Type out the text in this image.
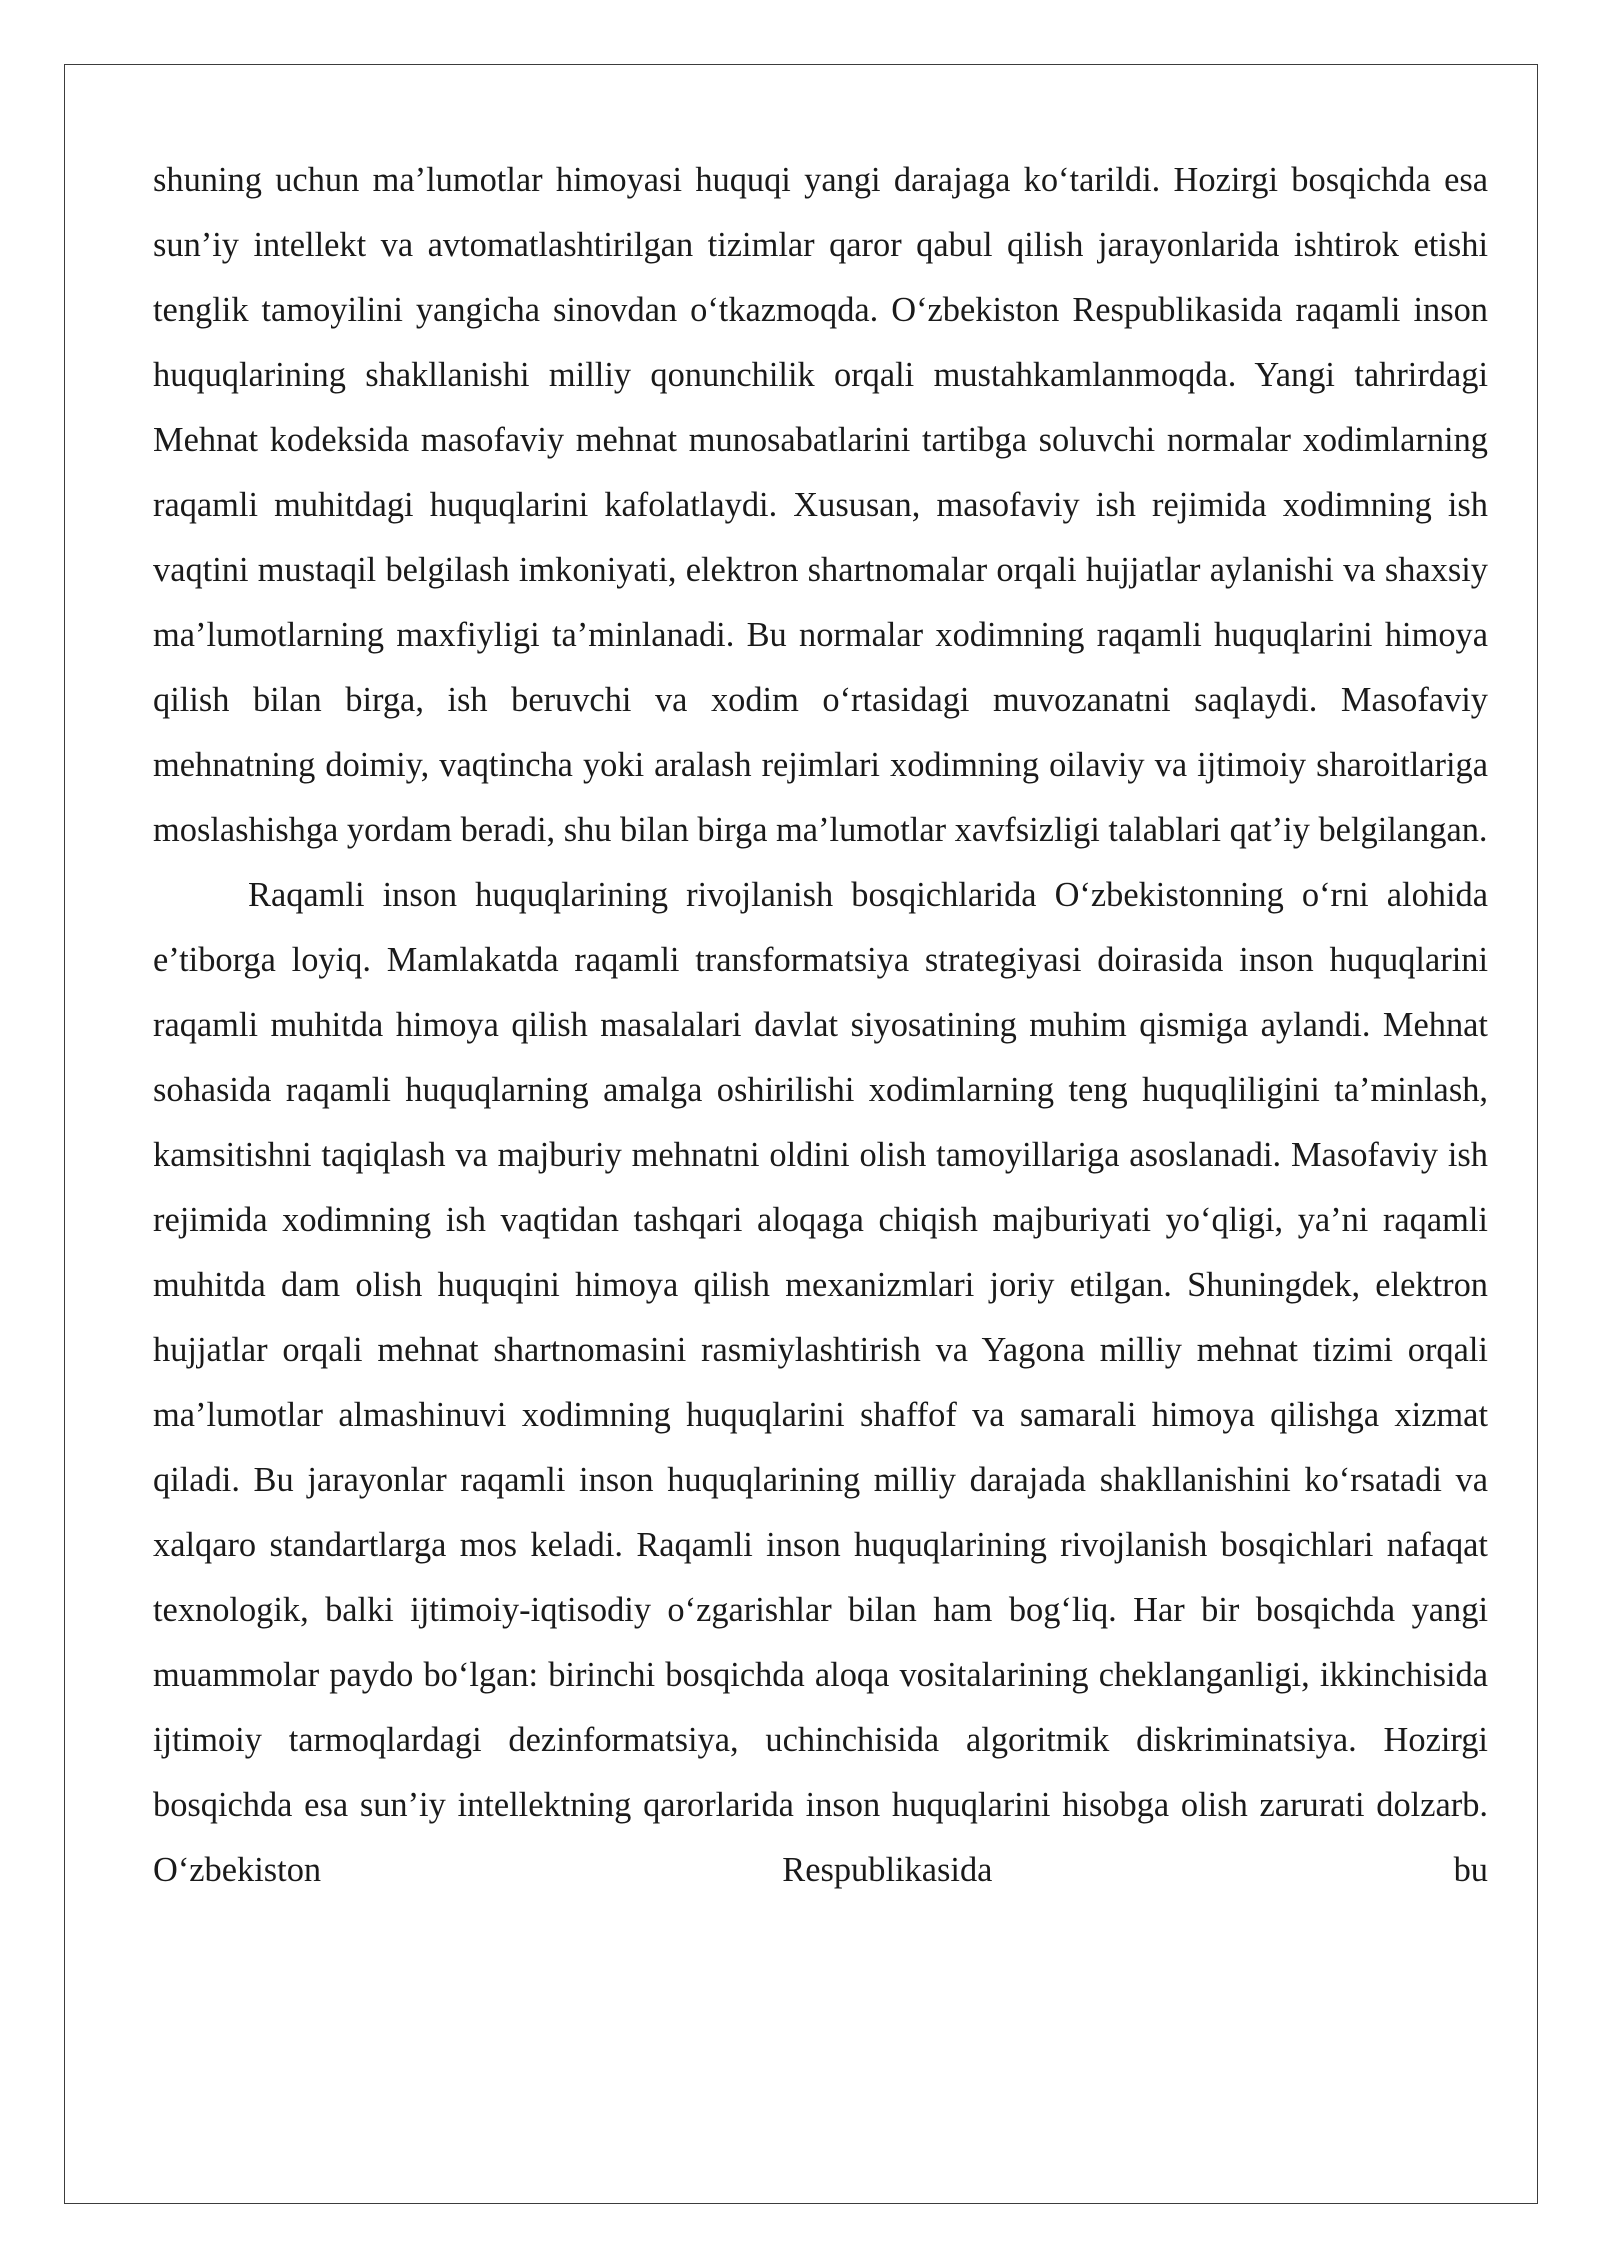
shuning uchun ma’lumotlar himoyasi huquqi yangi darajaga ko‘tarildi. Hozirgi bosqichda esa sun’iy intellekt va avtomatlashtirilgan tizimlar qaror qabul qilish jarayonlarida ishtirok etishi tenglik tamoyilini yangicha sinovdan o‘tkazmoqda. O‘zbekiston Respublikasida raqamli inson huquqlarining shakllanishi milliy qonunchilik orqali mustahkamlanmoqda. Yangi tahrirdagi Mehnat kodeksida masofaviy mehnat munosabatlarini tartibga soluvchi normalar xodimlarning raqamli muhitdagi huquqlarini kafolatlaydi. Xususan, masofaviy ish rejimida xodimning ish vaqtini mustaqil belgilash imkoniyati, elektron shartnomalar orqali hujjatlar aylanishi va shaxsiy ma’lumotlarning maxfiyligi ta’minlanadi. Bu normalar xodimning raqamli huquqlarini himoya qilish bilan birga, ish beruvchi va xodim o‘rtasidagi muvozanatni saqlaydi. Masofaviy mehnatning doimiy, vaqtincha yoki aralash rejimlari xodimning oilaviy va ijtimoiy sharoitlariga moslashishga yordam beradi, shu bilan birga ma’lumotlar xavfsizligi talablari qat’iy belgilangan.

Raqamli inson huquqlarining rivojlanish bosqichlarida O‘zbekistonning o‘rni alohida e’tiborga loyiq. Mamlakatda raqamli transformatsiya strategiyasi doirasida inson huquqlarini raqamli muhitda himoya qilish masalalari davlat siyosatining muhim qismiga aylandi. Mehnat sohasida raqamli huquqlarning amalga oshirilishi xodimlarning teng huquqliligini ta’minlash, kamsitishni taqiqlash va majburiy mehnatni oldini olish tamoyillariga asoslanadi. Masofaviy ish rejimida xodimning ish vaqtidan tashqari aloqaga chiqish majburiyati yo‘qligi, ya’ni raqamli muhitda dam olish huquqini himoya qilish mexanizmlari joriy etilgan. Shuningdek, elektron hujjatlar orqali mehnat shartnomasini rasmiylashtirish va Yagona milliy mehnat tizimi orqali ma’lumotlar almashinuvi xodimning huquqlarini shaffof va samarali himoya qilishga xizmat qiladi. Bu jarayonlar raqamli inson huquqlarining milliy darajada shakllanishini ko‘rsatadi va xalqaro standartlarga mos keladi. Raqamli inson huquqlarining rivojlanish bosqichlari nafaqat texnologik, balki ijtimoiy-iqtisodiy o‘zgarishlar bilan ham bog‘liq. Har bir bosqichda yangi muammolar paydo bo‘lgan: birinchi bosqichda aloqa vositalarining cheklanganligi, ikkinchisida ijtimoiy tarmoqlardagi dezinformatsiya, uchinchisida algoritmik diskriminatsiya. Hozirgi bosqichda esa sun’iy intellektning qarorlarida inson huquqlarini hisobga olish zarurati dolzarb. O‘zbekiston Respublikasida bu
